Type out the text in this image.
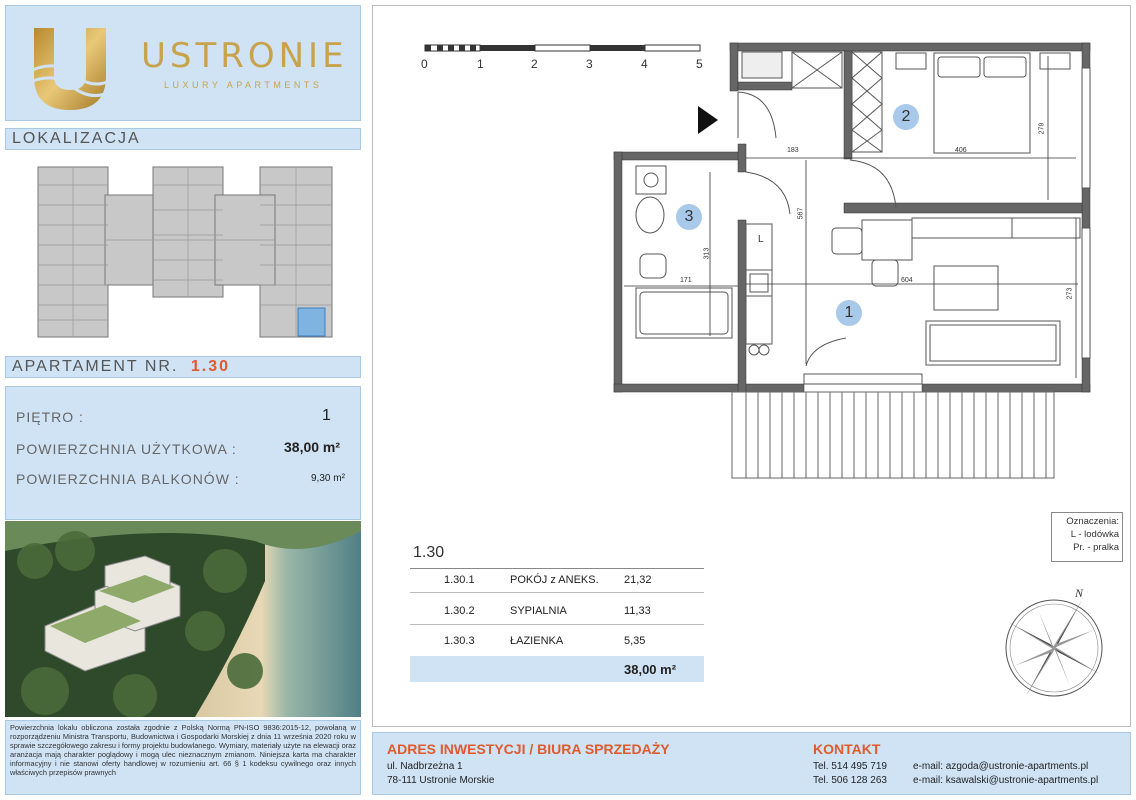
USTRONIE
LUXURY APARTMENTS
LOKALIZACJA
APARTAMENT NR. 1.30
PIĘTRO :	1
POWIERZCHNIA UŻYTKOWA :	38,00 m²
POWIERZCHNIA BALKONÓW :	9,30 m²
Powierzchnia lokalu obliczona została zgodnie z Polską Normą PN-ISO 9836:2015-12, powołaną w rozporządzeniu Ministra Transportu, Budownictwa i Gospodarki Morskiej z dnia 11 września 2020 roku w sprawie szczegółowego zakresu i formy projektu budowlanego. Wymiary, materiały użyte na elewacji oraz aranżacja mają charakter poglądowy i mogą ulec nieznacznym zmianom. Niniejsza karta ma charakter informacyjny i nie stanowi oferty handlowej w rozumieniu art. 66 § 1 kodeksu cywilnego oraz innych właściwych przepisów prawnych
0	1	2	3	4	5
183	406
279
567
313
171	604
273
L
2
3
1
Oznaczenia:
L - lodówka
Pr. - pralka
1.30
1.30.1	POKÓJ z ANEKS. 21,32
1.30.2	SYPIALNIA	11,33
1.30.3	ŁAZIENKA	5,35
38,00 m²
N
ADRES INWESTYCJI / BIURA SPRZEDAŻY
ul. Nadbrzeżna 1
78-111 Ustronie Morskie
KONTAKT
Tel. 514 495 719
Tel. 506 128 263
e-mail: azgoda@ustronie-apartments.pl
e-mail: ksawalski@ustronie-apartments.pl
